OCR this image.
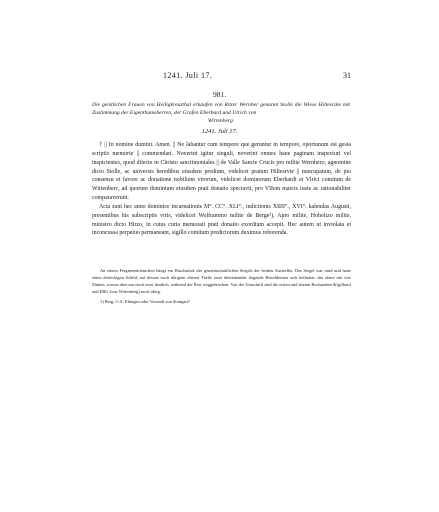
1241. Juli 17.	31
981.
Die geistlichen Frauen von Heiligkreuzthal erkaufen von Ritter Wernher genannt Stolle die Wiese Hiltesrüte mit Zustimmung der Eigenthumsherren, der Grafen Eberhard und Ulrich von
Wirtenberg.
1241. Juli 17.

† || In nomine domini. Amen. || Ne labantur cum tempore que geruntur in tempore, oportunum est gesta scriptis memorie || commendari. Noverint igitur singuli, noverint omnes hane paginam inspecturi vel inspicientes, quod dilecte in Christo sanctimoniales || de Valle Sancte Crucis pro milite Wernhero, agnomine dicto Stolle, ac universis heredibus eiusdem predium, videlicet pratum Hiltesrvte || nuncupatum, de pio consensu et favore ac donatione nobilium virorum, videlicet dominorum Eberhardi et Vlrici comitum de Wirtenberc, ad quorum dominium eiusdem prati donatio spectavit, pro VIIem marcis iuste ac rationabiliter comparaverunt.

Acta sunt hec anno dominice incarnationis M°. CC°. XLI°., indictionis XIIII°., XVI°. kalendas Augusti, presentibus his subscriptis viris, videlicet Wolframmo milite de Berge¹), Apro milite, Hoholtzo milite, ministro dicto Hirzo, in cuius curia memorati prati donatio exordium accepit. Hec autem ut inviolata et inconcussa perpetuo permaneant, sigillo comitum predictorum duximus roborenda.

An einem Pergamentriemchen hängt ein Bruchstück des gemeinschaftlichen Siegels der beiden Aussteller. Das Siegel war rund und hatte einen dreieckigen Schild, auf dessen noch übrigem oberen Theile zwei übereinander liegende Hirschhörner sich befinden, das obere mit vier Zinken, wovon aber nur noch zwei deutlich, während der Rest weggebrochen. Von der Umschrift sind die ersten und letzten Buchstaben S(igillum) und ERG (von Wirtenberg) noch übrig.

1) Berg, O.A. Ehingen oder Vorstadt von Stuttgart?
